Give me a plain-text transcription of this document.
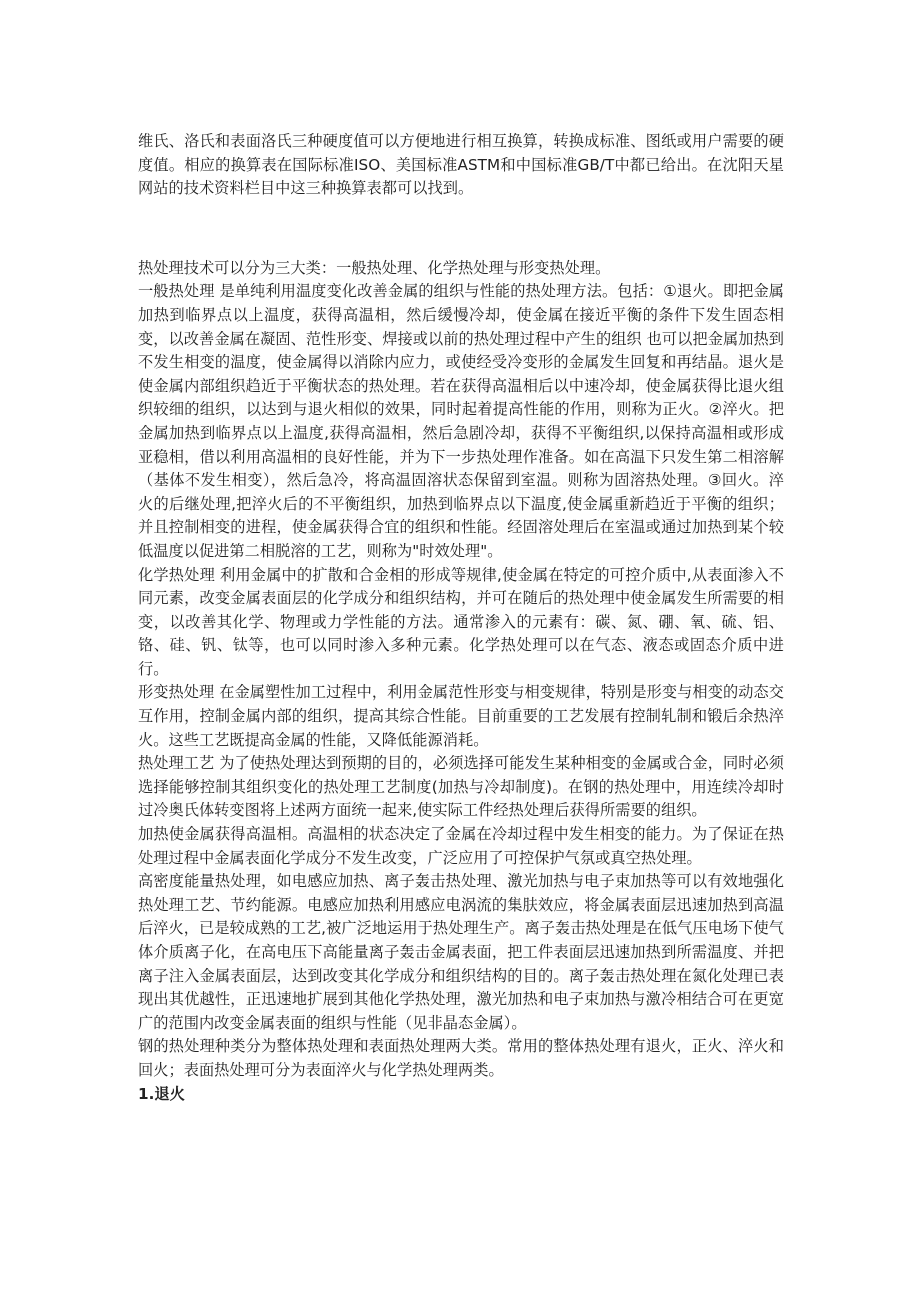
维氏、洛氏和表面洛氏三种硬度值可以方便地进行相互换算，转换成标准、图纸或用户需要的硬度值。相应的换算表在国际标准ISO、美国标准ASTM和中国标准GB/T中都已给出。在沈阳天星网站的技术资料栏目中这三种换算表都可以找到。

热处理技术可以分为三大类：一般热处理、化学热处理与形变热处理。

一般热处理 是单纯利用温度变化改善金属的组织与性能的热处理方法。包括：①退火。即把金属加热到临界点以上温度，获得高温相，然后缓慢冷却，使金属在接近平衡的条件下发生固态相变，以改善金属在凝固、范性形变、焊接或以前的热处理过程中产生的组织 也可以把金属加热到不发生相变的温度，使金属得以消除内应力，或使经受冷变形的金属发生回复和再结晶。退火是使金属内部组织趋近于平衡状态的热处理。若在获得高温相后以中速冷却，使金属获得比退火组织较细的组织，以达到与退火相似的效果，同时起着提高性能的作用，则称为正火。②淬火。把金属加热到临界点以上温度,获得高温相，然后急剧冷却，获得不平衡组织,以保持高温相或形成亚稳相，借以利用高温相的良好性能，并为下一步热处理作准备。如在高温下只发生第二相溶解（基体不发生相变），然后急冷，将高温固溶状态保留到室温。则称为固溶热处理。③回火。淬火的后继处理,把淬火后的不平衡组织，加热到临界点以下温度,使金属重新趋近于平衡的组织；并且控制相变的进程，使金属获得合宜的组织和性能。经固溶处理后在室温或通过加热到某个较低温度以促进第二相脱溶的工艺，则称为"时效处理"。

化学热处理 利用金属中的扩散和合金相的形成等规律,使金属在特定的可控介质中,从表面渗入不同元素，改变金属表面层的化学成分和组织结构，并可在随后的热处理中使金属发生所需要的相变，以改善其化学、物理或力学性能的方法。通常渗入的元素有：碳、氮、硼、氧、硫、铝、铬、硅、钒、钛等，也可以同时渗入多种元素。化学热处理可以在气态、液态或固态介质中进行。

形变热处理 在金属塑性加工过程中，利用金属范性形变与相变规律，特别是形变与相变的动态交互作用，控制金属内部的组织，提高其综合性能。目前重要的工艺发展有控制轧制和锻后余热淬火。这些工艺既提高金属的性能，又降低能源消耗。

热处理工艺 为了使热处理达到预期的目的，必须选择可能发生某种相变的金属或合金，同时必须选择能够控制其组织变化的热处理工艺制度(加热与冷却制度)。在钢的热处理中，用连续冷却时过冷奥氏体转变图将上述两方面统一起来,使实际工件经热处理后获得所需要的组织。

加热使金属获得高温相。高温相的状态决定了金属在冷却过程中发生相变的能力。为了保证在热处理过程中金属表面化学成分不发生改变，广泛应用了可控保护气氛或真空热处理。

高密度能量热处理，如电感应加热、离子轰击热处理、激光加热与电子束加热等可以有效地强化热处理工艺、节约能源。电感应加热利用感应电涡流的集肤效应，将金属表面层迅速加热到高温后淬火，已是较成熟的工艺,被广泛地运用于热处理生产。离子轰击热处理是在低气压电场下使气体介质离子化，在高电压下高能量离子轰击金属表面，把工件表面层迅速加热到所需温度、并把离子注入金属表面层，达到改变其化学成分和组织结构的目的。离子轰击热处理在氮化处理已表现出其优越性，正迅速地扩展到其他化学热处理，激光加热和电子束加热与激冷相结合可在更宽广的范围内改变金属表面的组织与性能（见非晶态金属）。

钢的热处理种类分为整体热处理和表面热处理两大类。常用的整体热处理有退火，正火、淬火和回火；表面热处理可分为表面淬火与化学热处理两类。

1.退火
